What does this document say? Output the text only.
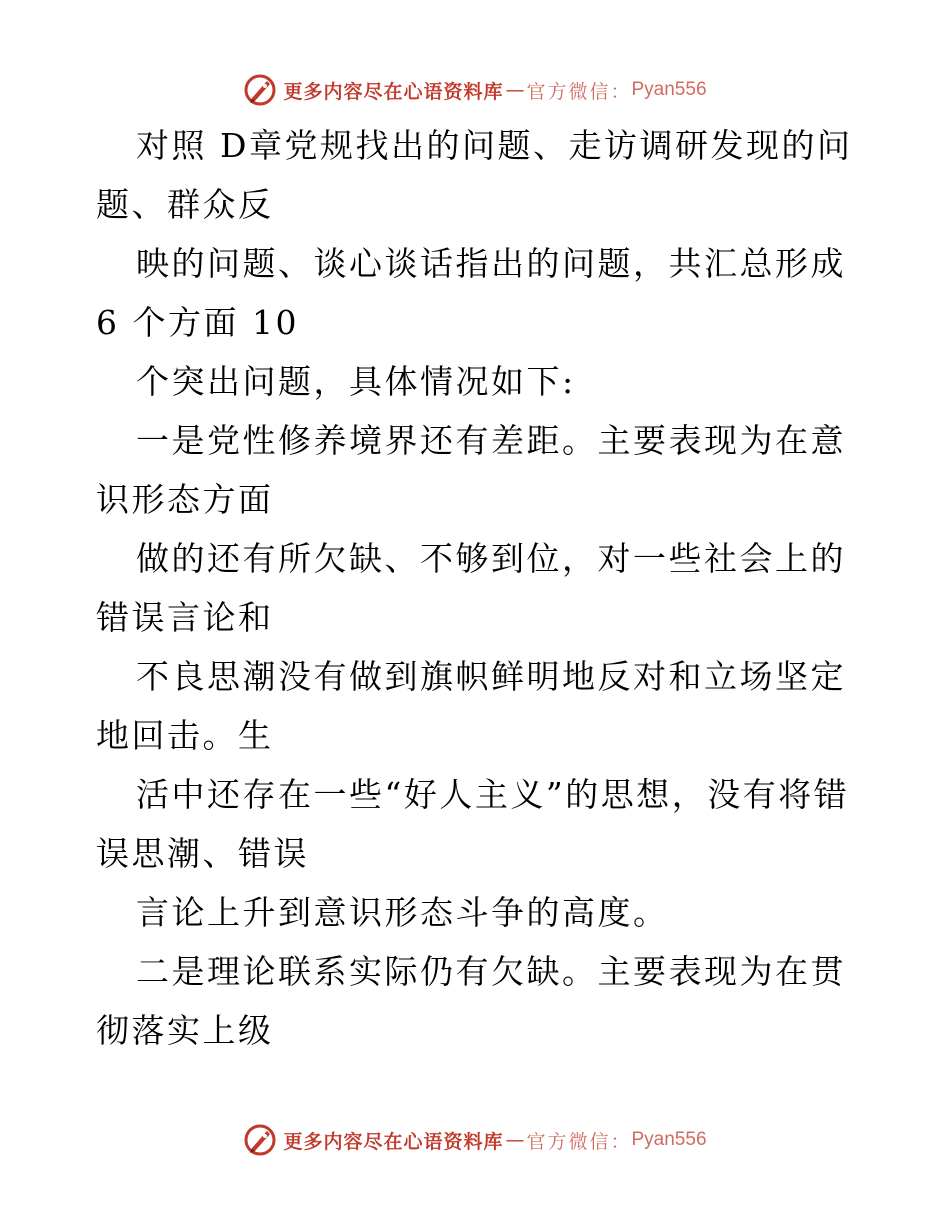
更多内容尽在心语资料库 — 官方微信： Pyan556

对照 D章党规找出的问题、走访调研发现的问题、群众反

映的问题、谈心谈话指出的问题，共汇总形成 6 个方面 10

个突出问题，具体情况如下:

一是党性修养境界还有差距。主要表现为在意识形态方面

做的还有所欠缺、不够到位，对一些社会上的错误言论和

不良思潮没有做到旗帜鲜明地反对和立场坚定地回击。生

活中还存在一些“好人主义”的思想，没有将错误思潮、错误

言论上升到意识形态斗争的高度。

二是理论联系实际仍有欠缺。主要表现为在贯彻落实上级

更多内容尽在心语资料库 — 官方微信： Pyan556
